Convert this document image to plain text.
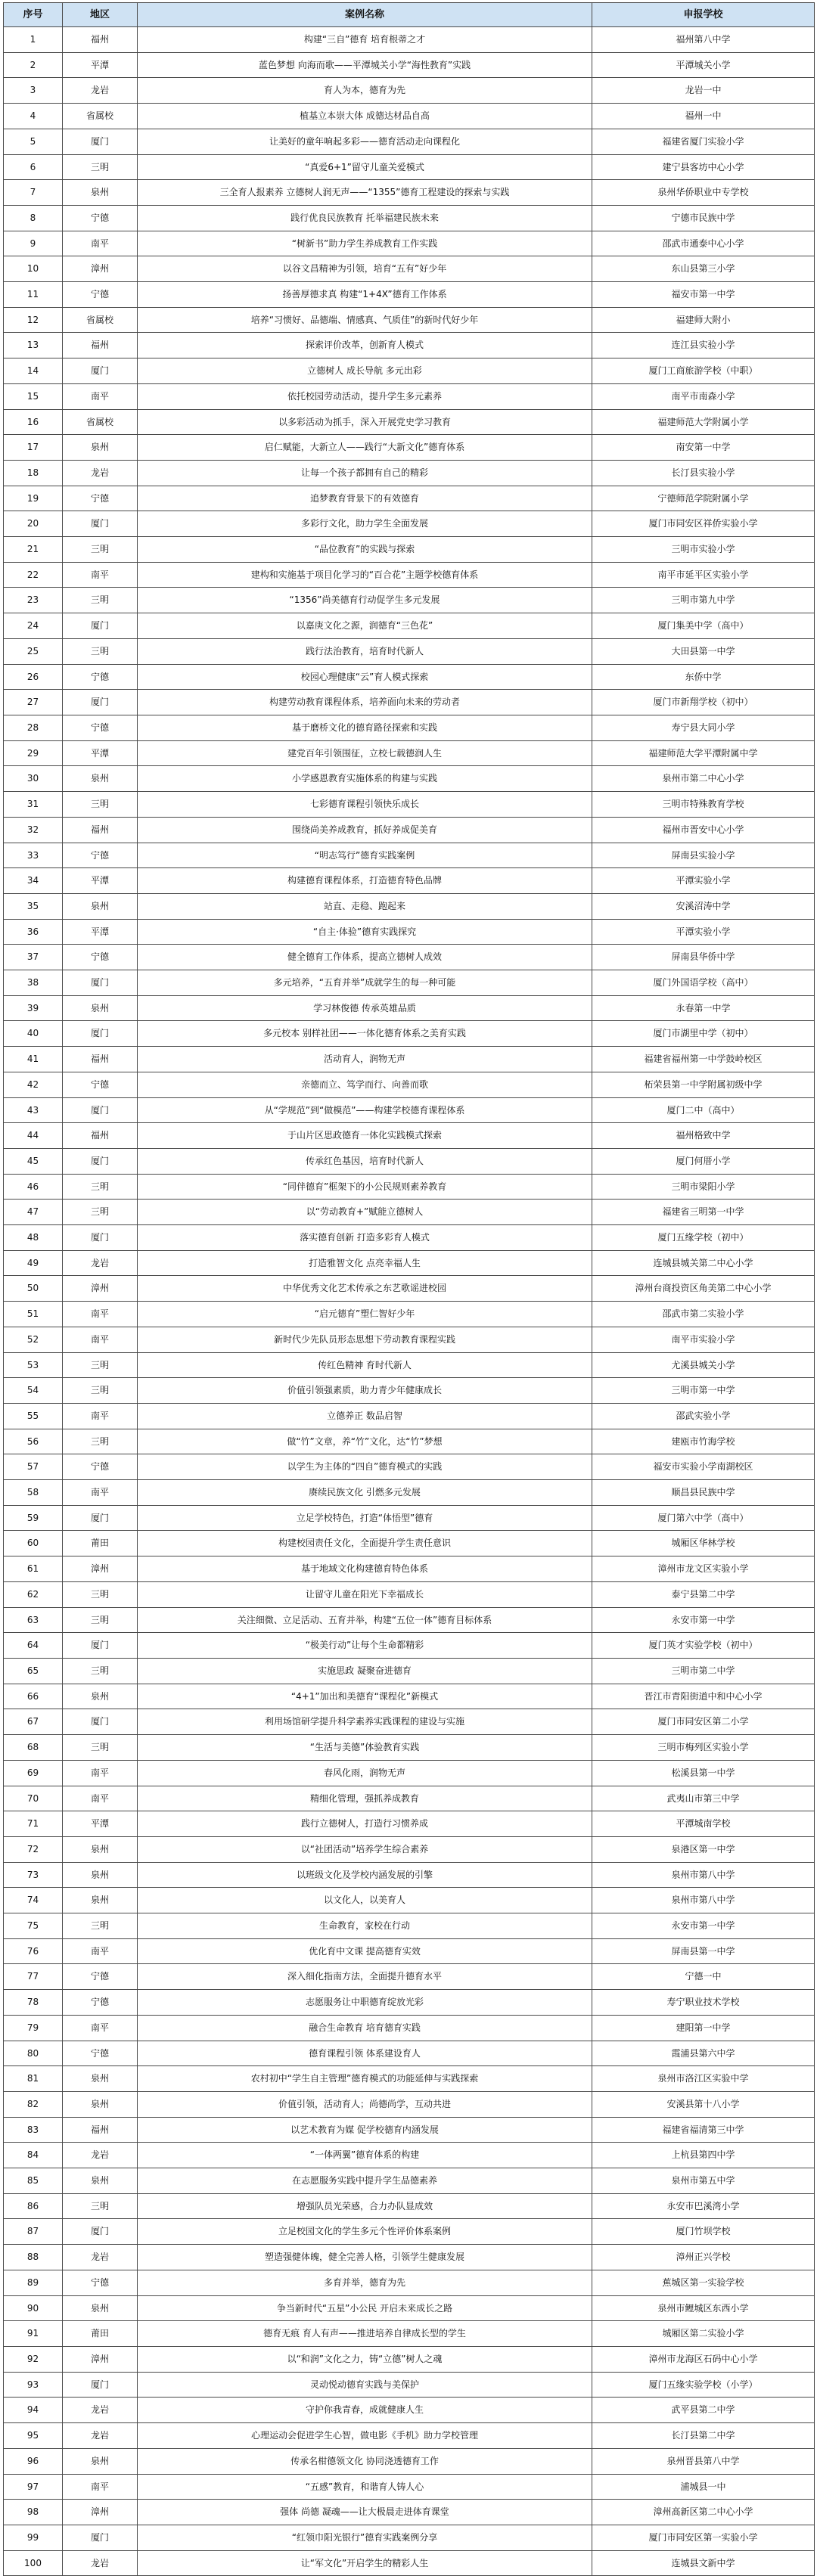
序号	地区	案例名称	申报学校
1	福州	构建“三自”德育 培育根蒂之才	福州第八中学
2	平潭	蓝色梦想 向海而歌——平潭城关小学“海性教育”实践	平潭城关小学
3	龙岩	育人为本，德育为先	龙岩一中
4	省属校	植基立本崇大体 成德达材品自高	福州一中
5	厦门	让美好的童年响起多彩——德育活动走向课程化	福建省厦门实验小学
6	三明	“真爱6+1”留守儿童关爱模式	建宁县客坊中心小学
7	泉州	三全育人报素养 立德树人润无声——“1355”德育工程建设的探索与实践	泉州华侨职业中专学校
8	宁德	践行优良民族教育 托举福建民族未来	宁德市民族中学
9	南平	“树新书”助力学生养成教育工作实践	邵武市通泰中心小学
10	漳州	以谷文昌精神为引领，培育“五有”好少年	东山县第三小学
11	宁德	扬善厚德求真 构建“1+4X”德育工作体系	福安市第一中学
12	省属校	培养“习惯好、品德端、情感真、气质佳”的新时代好少年	福建师大附小
13	福州	探索评价改革，创新育人模式	连江县实验小学
14	厦门	立德树人 成长导航 多元出彩	厦门工商旅游学校（中职）
15	南平	依托校园劳动活动，提升学生多元素养	南平市南森小学
16	省属校	以多彩活动为抓手，深入开展党史学习教育	福建师范大学附属小学
17	泉州	启仁赋能，大新立人——践行“大新文化”德育体系	南安第一中学
18	龙岩	让每一个孩子都拥有自己的精彩	长汀县实验小学
19	宁德	追梦教育背景下的有效德育	宁德师范学院附属小学
20	厦门	多彩行文化，助力学生全面发展	厦门市同安区祥侨实验小学
21	三明	“品位教育”的实践与探索	三明市实验小学
22	南平	建构和实施基于项目化学习的“百合花”主题学校德育体系	南平市延平区实验小学
23	三明	“1356”尚美德育行动促学生多元发展	三明市第九中学
24	厦门	以嘉庚文化之源，润德育“三色花”	厦门集美中学（高中）
25	三明	践行法治教育，培育时代新人	大田县第一中学
26	宁德	校园心理健康“云”育人模式探索	东侨中学
27	厦门	构建劳动教育课程体系，培养面向未来的劳动者	厦门市新翔学校（初中）
28	宁德	基于磨桥文化的德育路径探索和实践	寿宁县大同小学
29	平潭	建党百年引领围征，立校七载德润人生	福建师范大学平潭附属中学
30	泉州	小学感恩教育实施体系的构建与实践	泉州市第二中心小学
31	三明	七彩德育课程引领快乐成长	三明市特殊教育学校
32	福州	围绕尚美养成教育，抓好养成促美育	福州市晋安中心小学
33	宁德	“明志笃行”德育实践案例	屏南县实验小学
34	平潭	构建德育课程体系，打造德育特色品牌	平潭实验小学
35	泉州	站直、走稳、跑起来	安溪沼涛中学
36	平潭	“自主·体验”德育实践探究	平潭实验小学
37	宁德	健全德育工作体系，提高立德树人成效	屏南县华侨中学
38	厦门	多元培养，“五育并举”成就学生的每一种可能	厦门外国语学校（高中）
39	泉州	学习林俊德 传承英雄品质	永春第一中学
40	厦门	多元校本 别样社团——一体化德育体系之美育实践	厦门市湖里中学（初中）
41	福州	活动育人，润物无声	福建省福州第一中学鼓岭校区
42	宁德	亲德而立、笃学而行、向善而歌	柘荣县第一中学附属初级中学
43	厦门	从“学规范”到“做模范”——构建学校德育课程体系	厦门二中（高中）
44	福州	于山片区思政德育一体化实践模式探索	福州格致中学
45	厦门	传承红色基因，培育时代新人	厦门何厝小学
46	三明	“同伴德育”框架下的小公民规则素养教育	三明市梁阳小学
47	三明	以“劳动教育+”赋能立德树人	福建省三明第一中学
48	厦门	落实德育创新 打造多彩育人模式	厦门五缘学校（初中）
49	龙岩	打造雅智文化 点亮幸福人生	连城县城关第二中心小学
50	漳州	中华优秀文化艺术传承之东艺歌谣进校园	漳州台商投资区角美第二中心小学
51	南平	“启元德育”塑仁智好少年	邵武市第二实验小学
52	南平	新时代少先队员形态思想下劳动教育课程实践	南平市实验小学
53	三明	传红色精神 育时代新人	尤溪县城关小学
54	三明	价值引领强素质，助力青少年健康成长	三明市第一中学
55	南平	立德养正 数品启智	邵武实验小学
56	三明	做“竹”文章，养“竹”文化，达“竹”梦想	建瓯市竹海学校
57	宁德	以学生为主体的“四自”德育模式的实践	福安市实验小学南湖校区
58	南平	赓续民族文化 引燃多元发展	顺昌县民族中学
59	厦门	立足学校特色，打造“体悟型”德育	厦门第六中学（高中）
60	莆田	构建校园责任文化，全面提升学生责任意识	城厢区华林学校
61	漳州	基于地域文化构建德育特色体系	漳州市龙文区实验小学
62	三明	让留守儿童在阳光下幸福成长	泰宁县第二中学
63	三明	关注细微、立足活动、五育并举，构建“五位一体”德育目标体系	永安市第一中学
64	厦门	“极美行动”让每个生命都精彩	厦门英才实验学校（初中）
65	三明	实施思政 凝聚奋进德育	三明市第二中学
66	泉州	“4+1”加出和美德育“课程化”新模式	晋江市青阳街道中和中心小学
67	厦门	利用场馆研学提升科学素养实践课程的建设与实施	厦门市同安区第二小学
68	三明	“生活与美德”体验教育实践	三明市梅列区实验小学
69	南平	春风化雨，润物无声	松溪县第一中学
70	南平	精细化管理，强抓养成教育	武夷山市第三中学
71	平潭	践行立德树人，打造行习惯养成	平潭城南学校
72	泉州	以“社团活动”培养学生综合素养	泉港区第一中学
73	泉州	以班级文化及学校内涵发展的引擎	泉州市第八中学
74	泉州	以文化人，以美育人	泉州市第八中学
75	三明	生命教育，家校在行动	永安市第一中学
76	南平	优化育中文课 提高德育实效	屏南县第一中学
77	宁德	深入细化指南方法，全面提升德育水平	宁德一中
78	宁德	志愿服务让中职德育绽放光彩	寿宁职业技术学校
79	南平	融合生命教育 培育德育实践	建阳第一中学
80	宁德	德育课程引领 体系建设育人	霞浦县第六中学
81	泉州	农村初中“学生自主管理”德育模式的功能延伸与实践探索	泉州市洛江区实验中学
82	泉州	价值引领，活动育人；尚德尚学，互动共进	安溪县第十八小学
83	福州	以艺术教育为媒 促学校德育内涵发展	福建省福清第三中学
84	龙岩	“一体两翼”德育体系的构建	上杭县第四中学
85	泉州	在志愿服务实践中提升学生品德素养	泉州市第五中学
86	三明	增强队员光荣感，合力办队显成效	永安市巴溪湾小学
87	厦门	立足校园文化的学生多元个性评价体系案例	厦门竹坝学校
88	龙岩	塑造强健体魄，健全完善人格，引领学生健康发展	漳州正兴学校
89	宁德	多育并举，德育为先	蕉城区第一实验学校
90	泉州	争当新时代“五星”小公民 开启未来成长之路	泉州市鲤城区东西小学
91	莆田	德育无痕 育人有声——推进培养自律成长型的学生	城厢区第二实验小学
92	漳州	以“和润”文化之力，铸“立德”树人之魂	漳州市龙海区石码中心小学
93	厦门	灵动悦动德育实践与美保护	厦门五缘实验学校（小学）
94	龙岩	守护你我青春，成就健康人生	武平县第二中学
95	龙岩	心理运动会促进学生心智，做电影《手机》助力学校管理	长汀县第二中学
96	泉州	传承名柑德领文化 协同浇透德育工作	泉州晋县第八中学
97	南平	“五感”教育，和谐育人铸人心	浦城县一中
98	漳州	强体 尚德 凝魂——让大极晨走进体育课堂	漳州高新区第二中心小学
99	厦门	“红领巾阳光银行”德育实践案例分享	厦门市同安区第一实验小学
100	龙岩	让“军文化”开启学生的精彩人生	连城县文新中学
